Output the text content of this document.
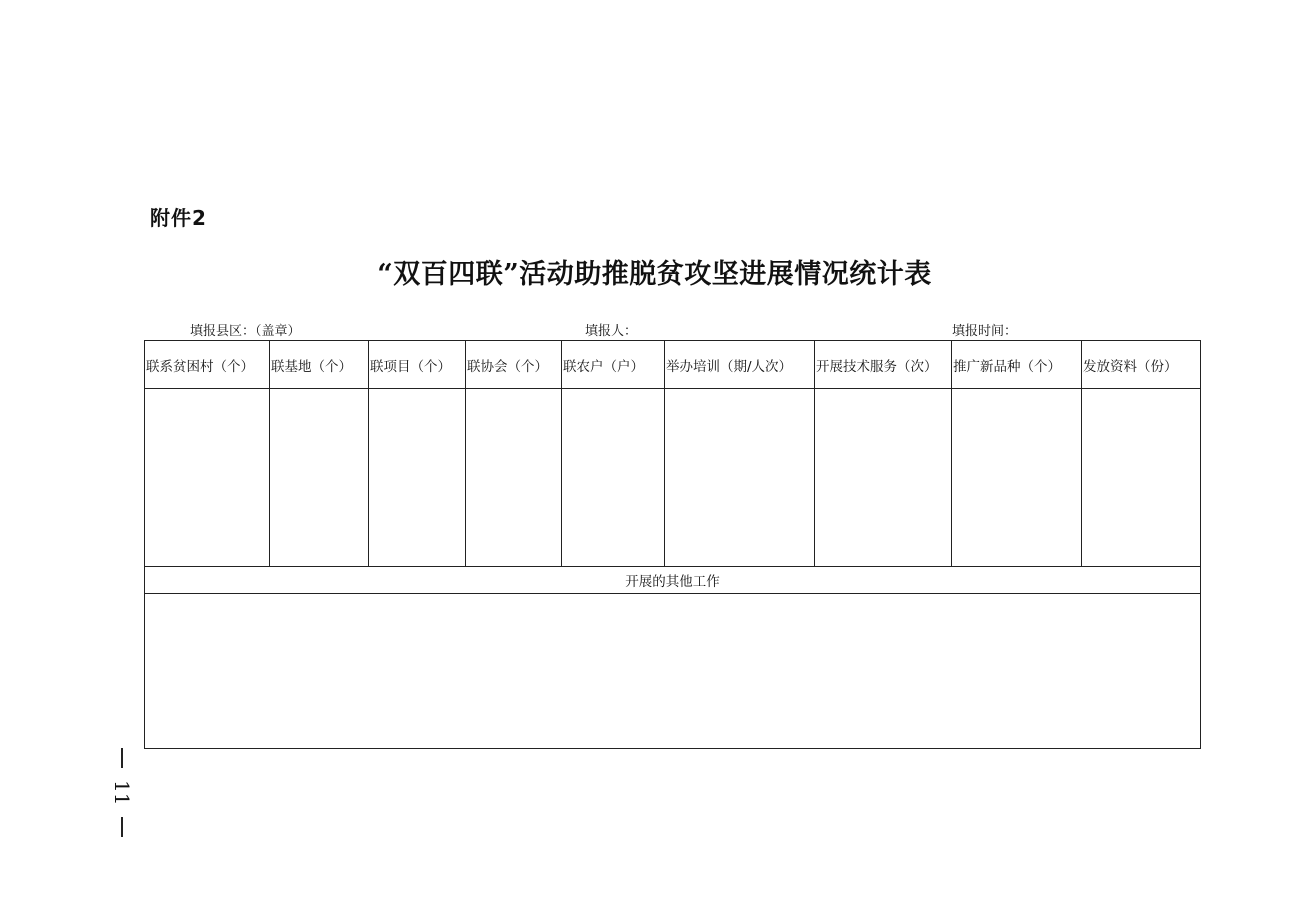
附件2
“双百四联”活动助推脱贫攻坚进展情况统计表
填报县区：（盖章）	填报人：	填报时间：
联系贫困村（个）	联基地（个）	联项目（个）	联协会（个）	联农户（户）	举办培训（期/人次）	开展技术服务（次）	推广新品种（个）	发放资料（份）

开展的其他工作								

11
